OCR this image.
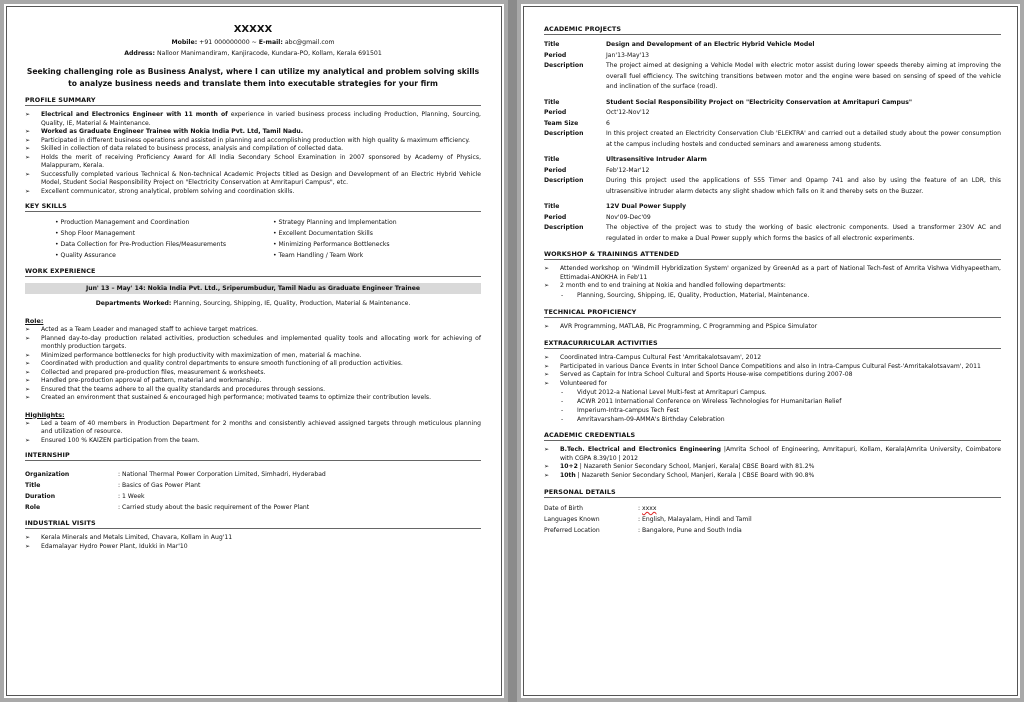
XXXXX
Mobile: +91 000000000 ~ E-mail: abc@gmail.com
Address: Nalloor Manimandiram, Kanjiracode, Kundara-PO, Kollam, Kerala 691501
Seeking challenging role as Business Analyst, where I can utilize my analytical and problem solving skills to analyze business needs and translate them into executable strategies for your firm
PROFILE SUMMARY
➢ Electrical and Electronics Engineer with 11 month of experience in varied business process including Production, Planning, Sourcing, Quality, IE, Material & Maintenance.
➢ Worked as Graduate Engineer Trainee with Nokia India Pvt. Ltd, Tamil Nadu.
➢ Participated in different business operations and assisted in planning and accomplishing production with high quality & maximum efficiency.
➢ Skilled in collection of data related to business process, analysis and compilation of collected data.
➢ Holds the merit of receiving Proficiency Award for All India Secondary School Examination in 2007 sponsored by Academy of Physics, Malappuram, Kerala.
➢ Successfully completed various Technical & Non-technical Academic Projects titled as Design and Development of an Electric Hybrid Vehicle Model, Student Social Responsibility Project on "Electricity Conservation at Amritapuri Campus", etc.
➢ Excellent communicator, strong analytical, problem solving and coordination skills.
KEY SKILLS
• Production Management and Coordination	• Strategy Planning and Implementation
• Shop Floor Management	• Excellent Documentation Skills
• Data Collection for Pre-Production Files/Measurements	• Minimizing Performance Bottlenecks
• Quality Assurance	• Team Handling / Team Work
WORK EXPERIENCE
Jun' 13 – May' 14: Nokia India Pvt. Ltd., Sriperumbudur, Tamil Nadu as Graduate Engineer Trainee
Departments Worked: Planning, Sourcing, Shipping, IE, Quality, Production, Material & Maintenance.
Role:
➢ Acted as a Team Leader and managed staff to achieve target matrices.
➢ Planned day-to-day production related activities, production schedules and implemented quality tools and allocating work for achieving of monthly production targets.
➢ Minimized performance bottlenecks for high productivity with maximization of men, material & machine.
➢ Coordinated with production and quality control departments to ensure smooth functioning of all production activities.
➢ Collected and prepared pre-production files, measurement & worksheets.
➢ Handled pre-production approval of pattern, material and workmanship.
➢ Ensured that the teams adhere to all the quality standards and procedures through sessions.
➢ Created an environment that sustained & encouraged high performance; motivated teams to optimize their contribution levels.
Highlights:
➢ Led a team of 40 members in Production Department for 2 months and consistently achieved assigned targets through meticulous planning and utilization of resource.
➢ Ensured 100 % KAIZEN participation from the team.
INTERNSHIP
Organization	: National Thermal Power Corporation Limited, Simhadri, Hyderabad
Title	: Basics of Gas Power Plant
Duration	: 1 Week
Role	: Carried study about the basic requirement of the Power Plant
INDUSTRIAL VISITS
➢ Kerala Minerals and Metals Limited, Chavara, Kollam in Aug'11
➢ Edamalayar Hydro Power Plant, Idukki in Mar'10
ACADEMIC PROJECTS
Title	Design and Development of an Electric Hybrid Vehicle Model
Period	Jan'13-May'13
Description	The project aimed at designing a Vehicle Model with electric motor assist during lower speeds thereby aiming at improving the overall fuel efficiency. The switching transitions between motor and the engine were based on sensing of speed of the vehicle and inclination of the surface (road).
Title	Student Social Responsibility Project on "Electricity Conservation at Amritapuri Campus"
Period	Oct'12-Nov'12
Team Size	6
Description	In this project created an Electricity Conservation Club 'ELEKTRA' and carried out a detailed study about the power consumption at the campus including hostels and conducted seminars and awareness among students.
Title	Ultrasensitive Intruder Alarm
Period	Feb'12-Mar'12
Description	During this project used the applications of 555 Timer and Opamp 741 and also by using the feature of an LDR, this ultrasensitive intruder alarm detects any slight shadow which falls on it and thereby sets on the Buzzer.
Title	12V Dual Power Supply
Period	Nov'09-Dec'09
Description	The objective of the project was to study the working of basic electronic components. Used a transformer 230V AC and regulated in order to make a Dual Power supply which forms the basics of all electronic experiments.
WORKSHOP & TRAININGS ATTENDED
➢ Attended workshop on 'Windmill Hybridization System' organized by GreenAd as a part of National Tech-fest of Amrita Vishwa Vidhyapeetham, Ettimadai-ANOKHA in Feb'11
➢ 2 month end to end training at Nokia and handled following departments:
- Planning, Sourcing, Shipping, IE, Quality, Production, Material, Maintenance.
TECHNICAL PROFICIENCY
➢ AVR Programming, MATLAB, Pic Programming, C Programming and PSpice Simulator
EXTRACURRICULAR ACTIVITIES
➢ Coordinated Intra-Campus Cultural Fest 'Amritakalotsavam', 2012
➢ Participated in various Dance Events in Inter School Dance Competitions and also in Intra-Campus Cultural Fest-'Amritakalotsavam', 2011
➢ Served as Captain for Intra School Cultural and Sports House-wise competitions during 2007-08
➢ Volunteered for
- Vidyut 2012-a National Level Multi-fest at Amritapuri Campus.
- ACWR 2011 International Conference on Wireless Technologies for Humanitarian Relief
- Imperium-Intra-campus Tech Fest
- Amritavarsham-09-AMMA's Birthday Celebration
ACADEMIC CREDENTIALS
➢ B.Tech. Electrical and Electronics Engineering |Amrita School of Engineering, Amritapuri, Kollam, Kerala|Amrita University, Coimbatore with CGPA 8.39/10 | 2012
➢ 10+2 | Nazareth Senior Secondary School, Manjeri, Kerala| CBSE Board with 81.2%
➢ 10th | Nazareth Senior Secondary School, Manjeri, Kerala | CBSE Board with 90.8%
PERSONAL DETAILS
Date of Birth	: xxxx
Languages Known	: English, Malayalam, Hindi and Tamil
Preferred Location	: Bangalore, Pune and South India
